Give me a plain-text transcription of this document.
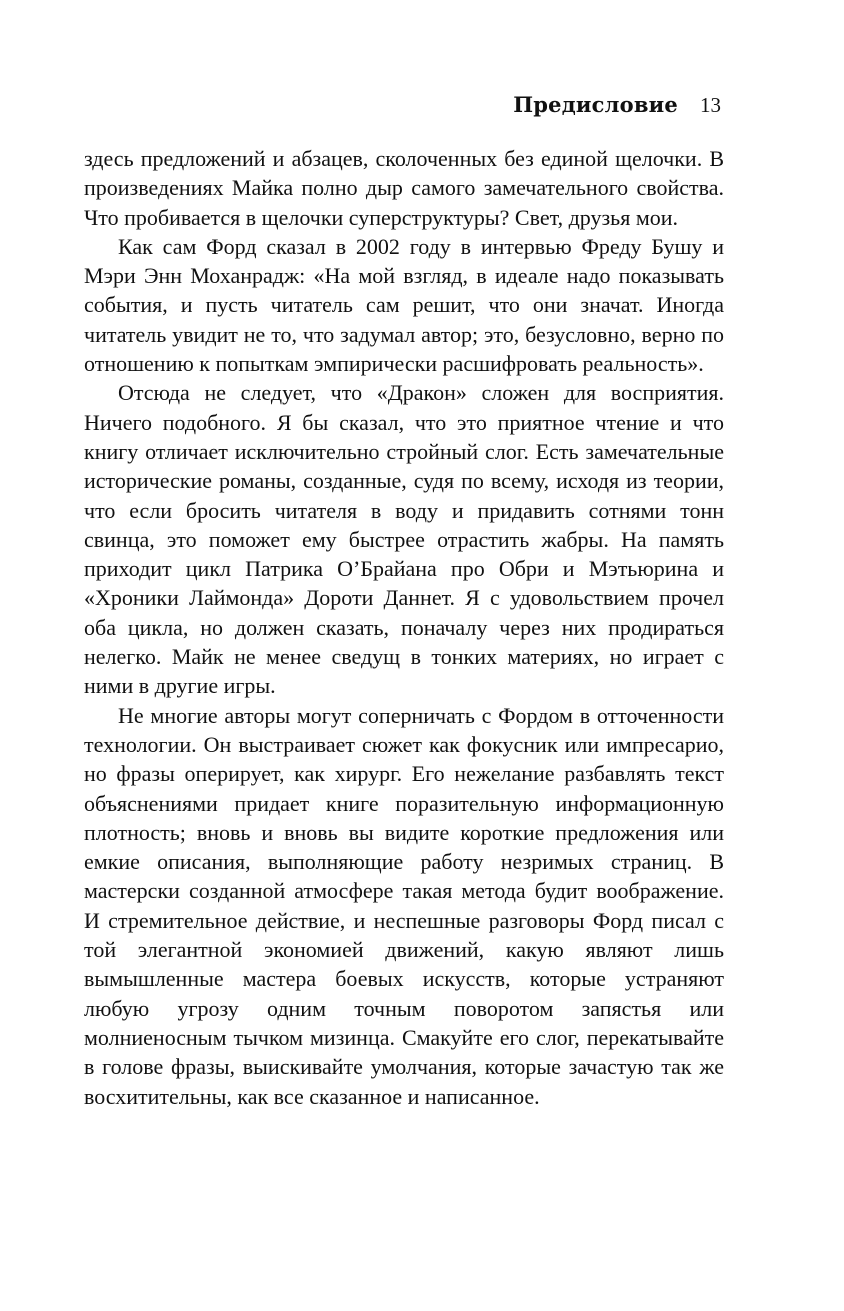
Предисловие 13

здесь предложений и абзацев, сколоченных без единой щелочки. В произведениях Майка полно дыр самого замечательного свойства. Что пробивается в щелочки суперструктуры? Свет, друзья мои.

Как сам Форд сказал в 2002 году в интервью Фреду Бушу и Мэри Энн Моханрадж: «На мой взгляд, в идеале надо показывать события, и пусть читатель сам решит, что они значат. Иногда читатель увидит не то, что задумал автор; это, безусловно, верно по отношению к попыткам эмпирически расшифровать реальность».

Отсюда не следует, что «Дракон» сложен для восприятия. Ничего подобного. Я бы сказал, что это приятное чтение и что книгу отличает исключительно стройный слог. Есть замечательные исторические романы, созданные, судя по всему, исходя из теории, что если бросить читателя в воду и придавить сотнями тонн свинца, это поможет ему быстрее отрастить жабры. На память приходит цикл Патрика О’Брайана про Обри и Мэтьюрина и «Хроники Лаймонда» Дороти Даннет. Я с удовольствием прочел оба цикла, но должен сказать, поначалу через них продираться нелегко. Майк не менее сведущ в тонких материях, но играет с ними в другие игры.

Не многие авторы могут соперничать с Фордом в отточенности технологии. Он выстраивает сюжет как фокусник или импресарио, но фразы оперирует, как хирург. Его нежелание разбавлять текст объяснениями придает книге поразительную информационную плотность; вновь и вновь вы видите короткие предложения или емкие описания, выполняющие работу незримых страниц. В мастерски созданной атмосфере такая метода будит воображение. И стремительное действие, и неспешные разговоры Форд писал с той элегантной экономией движений, какую являют лишь вымышленные мастера боевых искусств, которые устраняют любую угрозу одним точным поворотом запястья или молниеносным тычком мизинца. Смакуйте его слог, перекатывайте в голове фразы, выискивайте умолчания, которые зачастую так же восхитительны, как все сказанное и написанное.
